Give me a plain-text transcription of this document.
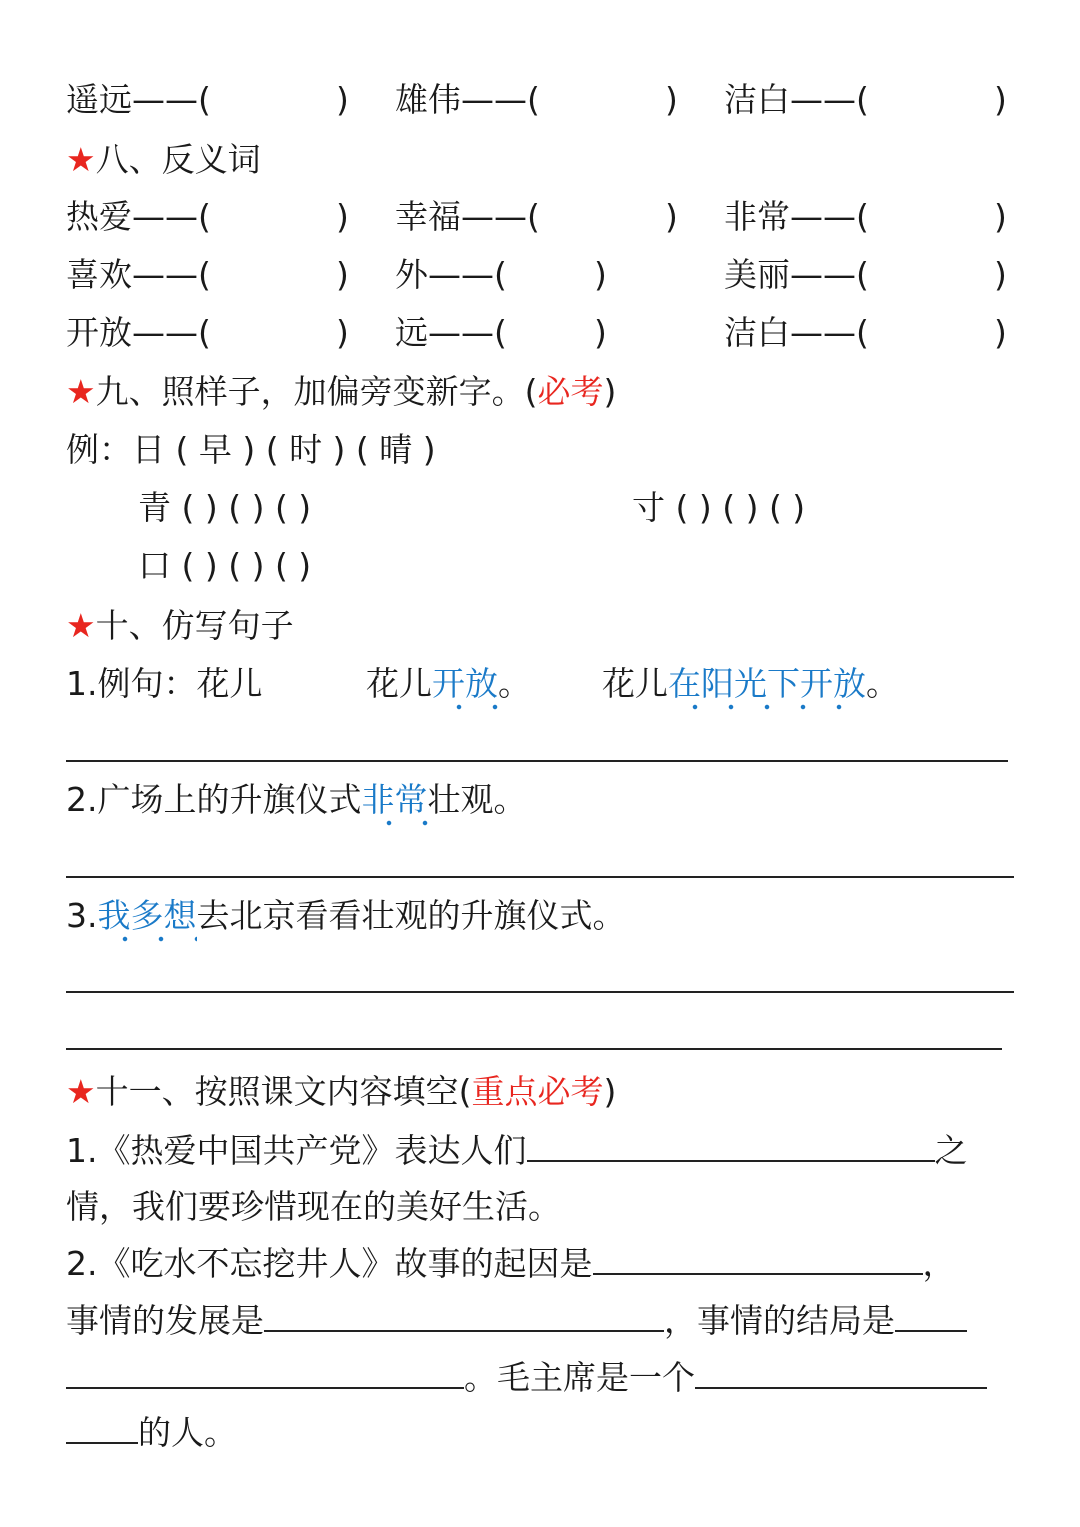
遥远——(	) 雄伟——(	) 洁白——(	)
★八、反义词
热爱——(	) 幸福——(	) 非常——(	)
喜欢——(	) 外——(	)	美丽——(	)
开放——(	) 远——(	)	洁白——(	)
★九、照样子，加偏旁变新字。(必考)
例：日 ( 早 ) ( 时 ) ( 晴 )
青 ( ) ( ) ( )	寸 ( ) ( ) ( )
口 ( ) ( ) ( )
★十、仿写句子
1.例句：花儿	花儿开放。 花儿在阳光下开放。
2.广场上的升旗仪式非常壮观。
3.我多想去北京看看壮观的升旗仪式。
★十一、按照课文内容填空(重点必考)
1.《热爱中国共产党》表达人们	之
情，我们要珍惜现在的美好生活。
2.《吃水不忘挖井人》故事的起因是	，
事情的发展是	，事情的结局是
。毛主席是一个
的人。
